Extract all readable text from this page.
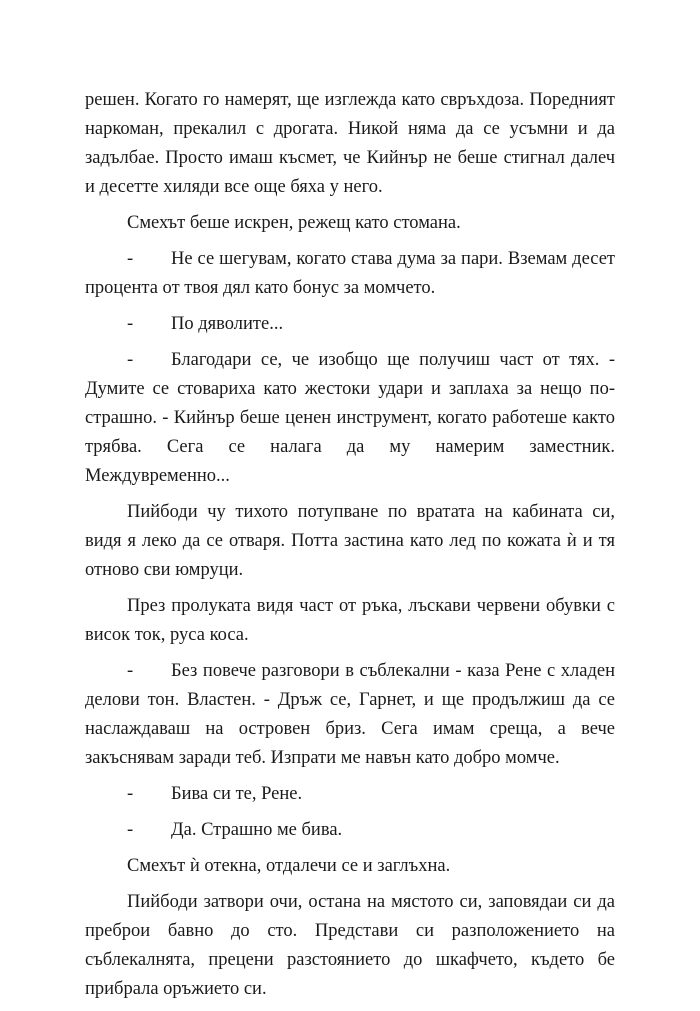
решен. Когато го намерят, ще изглежда като свръхдоза. Поредният наркоман, прекалил с дрогата. Никой няма да се усъмни и да задълбае. Просто имаш късмет, че Кийнър не беше стигнал далеч и десетте хиляди все още бяха у него.

Смехът беше искрен, режещ като стомана.

- Не се шегувам, когато става дума за пари. Вземам десет процента от твоя дял като бонус за момчето.

- По дяволите...

- Благодари се, че изобщо ще получиш част от тях. - Думите се стовариха като жестоки удари и заплаха за нещо по-страшно. - Кийнър беше ценен инструмент, когато работеше както трябва. Сега се налага да му намерим заместник. Междувременно...

Пийбоди чу тихото потупване по вратата на кабината си, видя я леко да се отваря. Потта застина като лед по кожата ѝ и тя отново сви юмруци.

През пролуката видя част от ръка, лъскави червени обувки с висок ток, руса коса.

- Без повече разговори в съблекални - каза Рене с хладен делови тон. Властен. - Дръж се, Гарнет, и ще продължиш да се наслаждаваш на островен бриз. Сега имам среща, а вече закъснявам заради теб. Изпрати ме навън като добро момче.

- Бива си те, Рене.

- Да. Страшно ме бива.

Смехът ѝ отекна, отдалечи се и заглъхна.

Пийбоди затвори очи, остана на мястото си, заповядаи си да преброи бавно до сто. Представи си разположението на съблекалнята, прецени разстоянието до шкафчето, където бе прибрала оръжието си.
